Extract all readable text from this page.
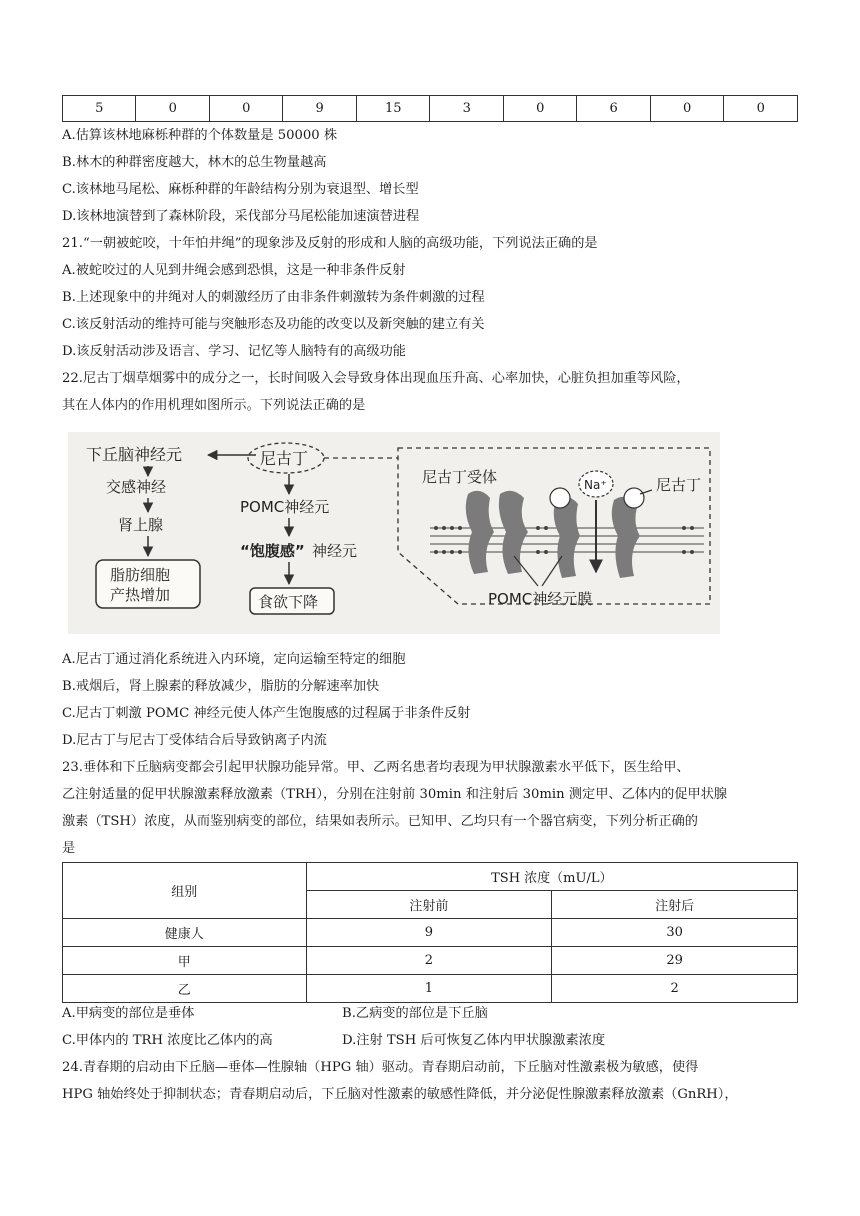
5	0	0	9	15	3	0	6	0	0
A.估算该林地麻栎种群的个体数量是 50000 株
B.林木的种群密度越大，林木的总生物量越高
C.该林地马尾松、麻栎种群的年龄结构分别为衰退型、增长型
D.该林地演替到了森林阶段，采伐部分马尾松能加速演替进程
21.“一朝被蛇咬，十年怕井绳”的现象涉及反射的形成和人脑的高级功能，下列说法正确的是
A.被蛇咬过的人见到井绳会感到恐惧，这是一种非条件反射
B.上述现象中的井绳对人的刺激经历了由非条件刺激转为条件刺激的过程
C.该反射活动的维持可能与突触形态及功能的改变以及新突触的建立有关
D.该反射活动涉及语言、学习、记忆等人脑特有的高级功能
22.尼古丁烟草烟雾中的成分之一，长时间吸入会导致身体出现血压升高、心率加快，心脏负担加重等风险，
其在人体内的作用机理如图所示。下列说法正确的是
下丘脑神经元	尼古丁
交感神经
肾上腺
脂肪细胞
产热增加
POMC神经元
“饱腹感” 神经元
食欲下降
尼古丁受体	Na⁺	尼古丁
POMC神经元膜
A.尼古丁通过消化系统进入内环境，定向运输至特定的细胞
B.戒烟后，肾上腺素的释放减少，脂肪的分解速率加快
C.尼古丁刺激 POMC 神经元使人体产生饱腹感的过程属于非条件反射
D.尼古丁与尼古丁受体结合后导致钠离子内流
23.垂体和下丘脑病变都会引起甲状腺功能异常。甲、乙两名患者均表现为甲状腺激素水平低下，医生给甲、
乙注射适量的促甲状腺激素释放激素（TRH），分别在注射前 30min 和注射后 30min 测定甲、乙体内的促甲状腺
激素（TSH）浓度，从而鉴别病变的部位，结果如表所示。已知甲、乙均只有一个器官病变，下列分析正确的
是
组别	TSH 浓度（mU/L）	
	注射前	注射后
健康人	9	30
甲	2	29
乙	1	2
A.甲病变的部位是垂体	B.乙病变的部位是下丘脑
C.甲体内的 TRH 浓度比乙体内的高	D.注射 TSH 后可恢复乙体内甲状腺激素浓度
24.青春期的启动由下丘脑—垂体—性腺轴（HPG 轴）驱动。青春期启动前，下丘脑对性激素极为敏感，使得
HPG 轴始终处于抑制状态；青春期启动后，下丘脑对性激素的敏感性降低，并分泌促性腺激素释放激素（GnRH），
